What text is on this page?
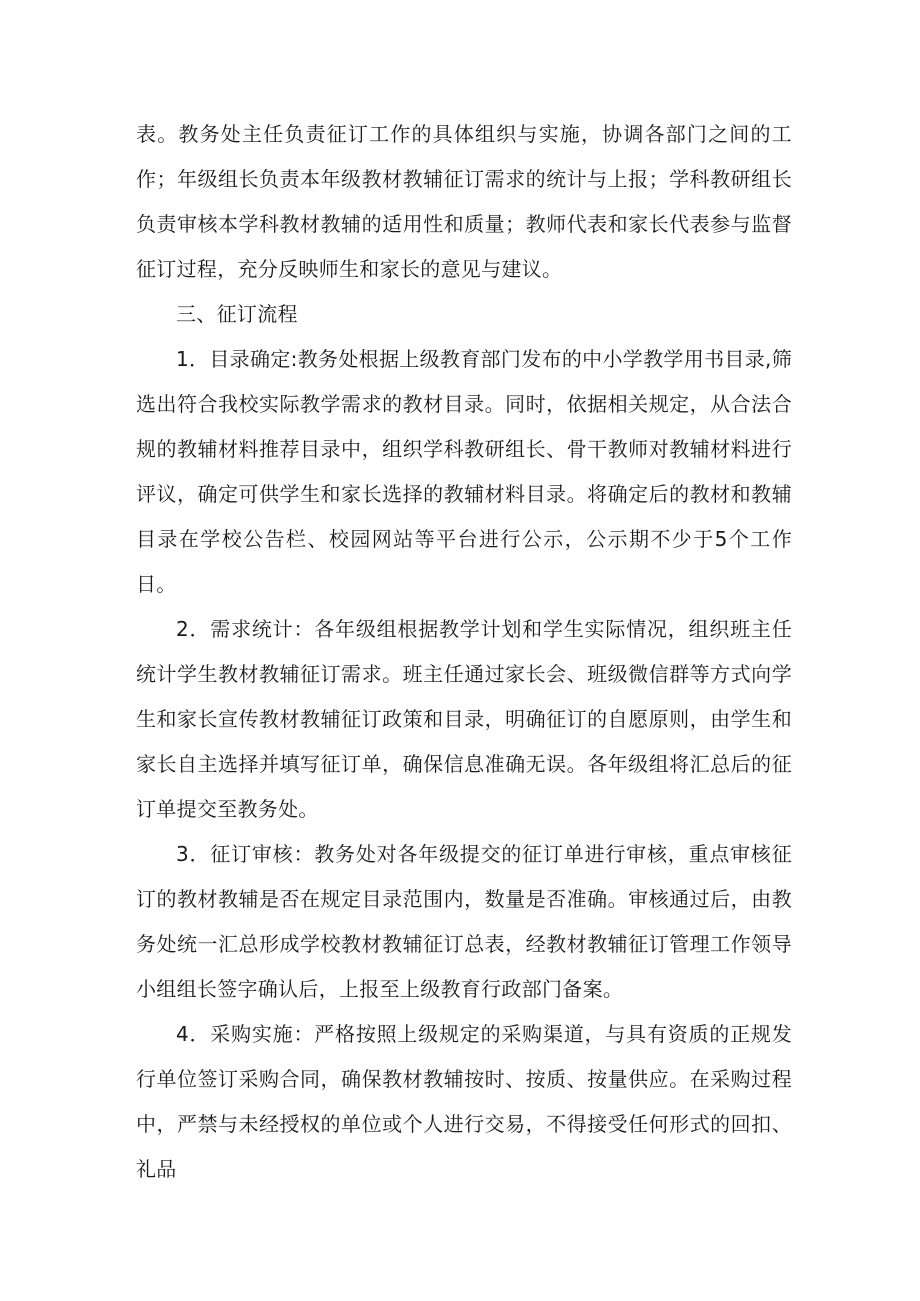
表。教务处主任负责征订工作的具体组织与实施，协调各部门之间的工作；年级组长负责本年级教材教辅征订需求的统计与上报；学科教研组长负责审核本学科教材教辅的适用性和质量；教师代表和家长代表参与监督征订过程，充分反映师生和家长的意见与建议。

三、征订流程

1．目录确定:教务处根据上级教育部门发布的中小学教学用书目录,筛选出符合我校实际教学需求的教材目录。同时，依据相关规定，从合法合规的教辅材料推荐目录中，组织学科教研组长、骨干教师对教辅材料进行评议，确定可供学生和家长选择的教辅材料目录。将确定后的教材和教辅目录在学校公告栏、校园网站等平台进行公示，公示期不少于5个工作日。

2．需求统计：各年级组根据教学计划和学生实际情况，组织班主任统计学生教材教辅征订需求。班主任通过家长会、班级微信群等方式向学生和家长宣传教材教辅征订政策和目录，明确征订的自愿原则，由学生和家长自主选择并填写征订单，确保信息准确无误。各年级组将汇总后的征订单提交至教务处。

3．征订审核：教务处对各年级提交的征订单进行审核，重点审核征订的教材教辅是否在规定目录范围内，数量是否准确。审核通过后，由教务处统一汇总形成学校教材教辅征订总表，经教材教辅征订管理工作领导小组组长签字确认后，上报至上级教育行政部门备案。

4．采购实施：严格按照上级规定的采购渠道，与具有资质的正规发行单位签订采购合同，确保教材教辅按时、按质、按量供应。在采购过程中，严禁与未经授权的单位或个人进行交易，不得接受任何形式的回扣、礼品
